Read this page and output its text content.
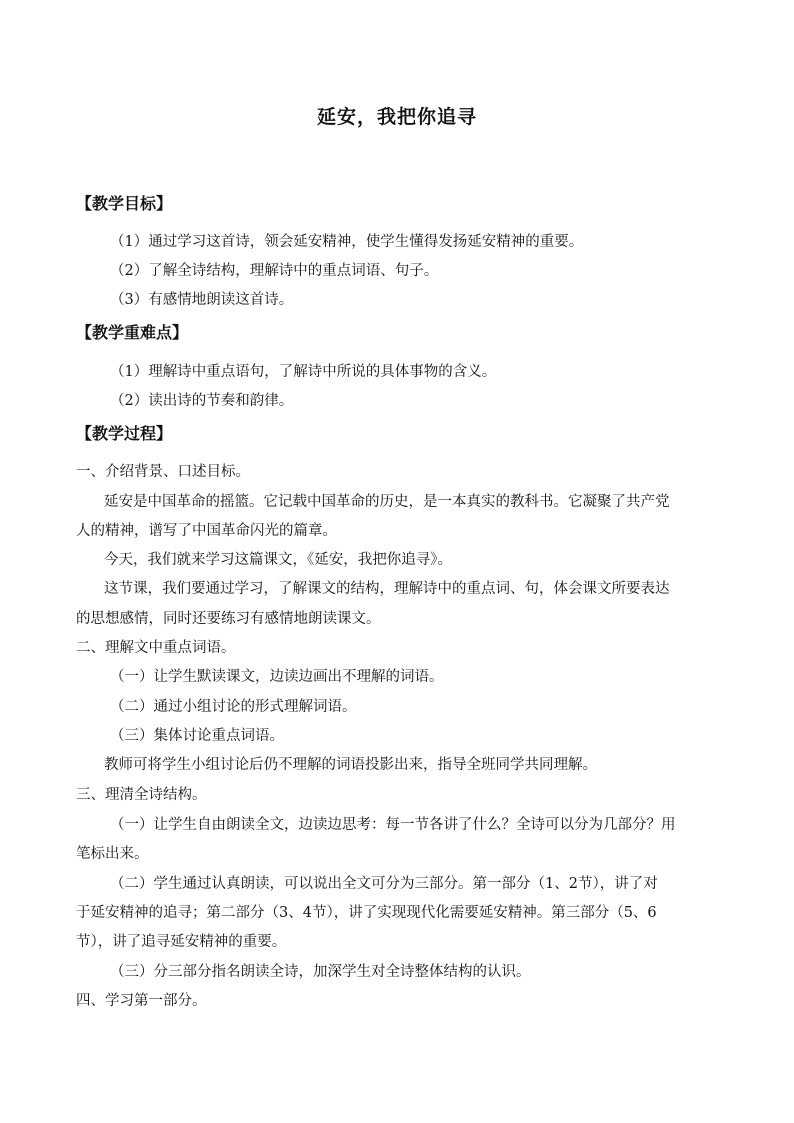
延安，我把你追寻
【教学目标】
（1）通过学习这首诗，领会延安精神，使学生懂得发扬延安精神的重要。
（2）了解全诗结构，理解诗中的重点词语、句子。
（3）有感情地朗读这首诗。
【教学重难点】
（1）理解诗中重点语句，了解诗中所说的具体事物的含义。
（2）读出诗的节奏和韵律。
【教学过程】
一、介绍背景、口述目标。
延安是中国革命的摇篮。它记载中国革命的历史，是一本真实的教科书。它凝聚了共产党
人的精神，谱写了中国革命闪光的篇章。
今天，我们就来学习这篇课文，《延安，我把你追寻》。
这节课，我们要通过学习，了解课文的结构，理解诗中的重点词、句，体会课文所要表达
的思想感情，同时还要练习有感情地朗读课文。
二、理解文中重点词语。
（一）让学生默读课文，边读边画出不理解的词语。
（二）通过小组讨论的形式理解词语。
（三）集体讨论重点词语。
教师可将学生小组讨论后仍不理解的词语投影出来，指导全班同学共同理解。
三、理清全诗结构。
（一）让学生自由朗读全文，边读边思考：每一节各讲了什么？全诗可以分为几部分？用
笔标出来。
（二）学生通过认真朗读，可以说出全文可分为三部分。第一部分（1、2节），讲了对
于延安精神的追寻；第二部分（3、4节），讲了实现现代化需要延安精神。第三部分（5、6
节），讲了追寻延安精神的重要。
（三）分三部分指名朗读全诗，加深学生对全诗整体结构的认识。
四、学习第一部分。
